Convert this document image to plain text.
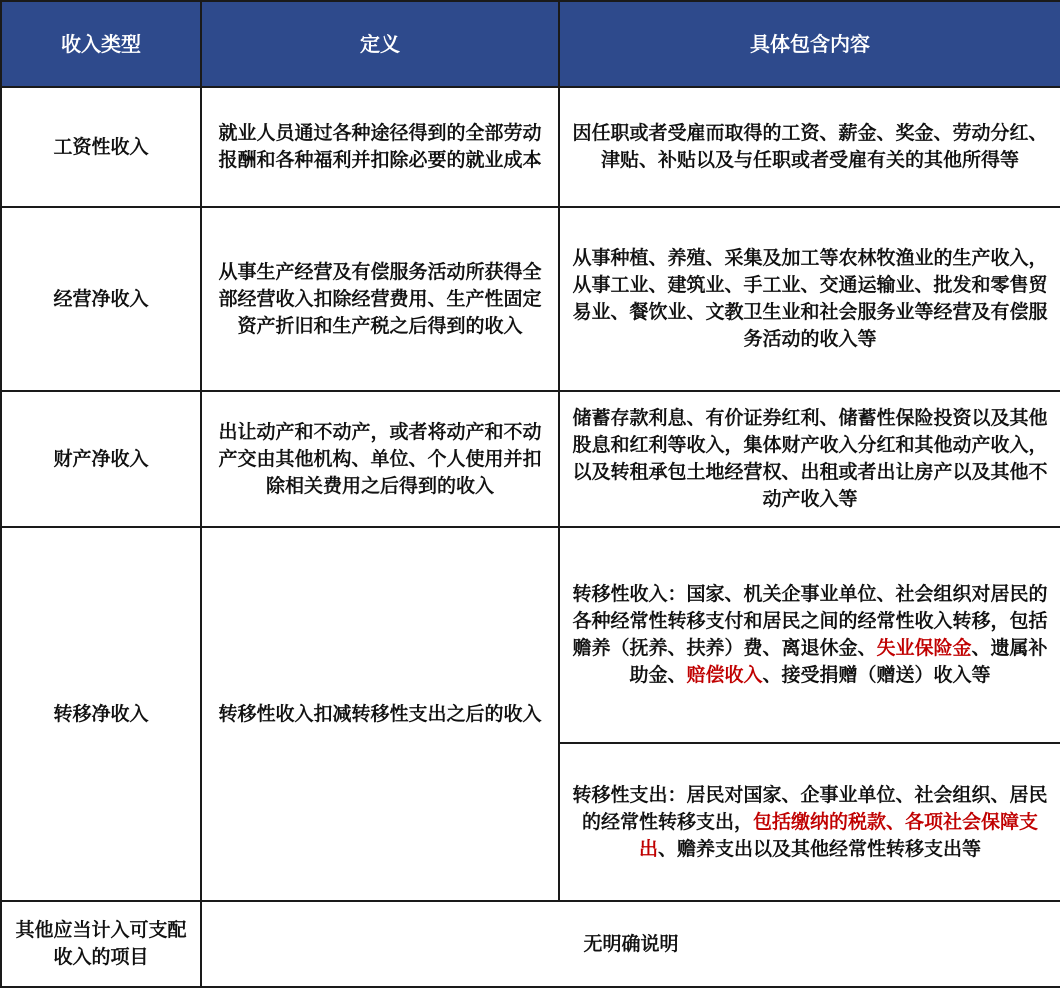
收入类型	定义	具体包含内容
工资性收入	就业人员通过各种途径得到的全部劳动报酬和各种福利并扣除必要的就业成本	因任职或者受雇而取得的工资、薪金、奖金、劳动分红、津贴、补贴以及与任职或者受雇有关的其他所得等
经营净收入	从事生产经营及有偿服务活动所获得全部经营收入扣除经营费用、生产性固定资产折旧和生产税之后得到的收入	从事种植、养殖、采集及加工等农林牧渔业的生产收入，从事工业、建筑业、手工业、交通运输业、批发和零售贸易业、餐饮业、文教卫生业和社会服务业等经营及有偿服务活动的收入等
财产净收入	出让动产和不动产，或者将动产和不动产交由其他机构、单位、个人使用并扣除相关费用之后得到的收入	储蓄存款利息、有价证券红利、储蓄性保险投资以及其他股息和红利等收入，集体财产收入分红和其他动产收入，以及转租承包土地经营权、出租或者出让房产以及其他不动产收入等
转移净收入	转移性收入扣减转移性支出之后的收入	转移性收入：国家、机关企事业单位、社会组织对居民的各种经常性转移支付和居民之间的经常性收入转移，包括赡养（抚养、扶养）费、离退休金、失业保险金、遗属补助金、赔偿收入、接受捐赠（赠送）收入等
		转移性支出：居民对国家、企事业单位、社会组织、居民的经常性转移支出，包括缴纳的税款、各项社会保障支出、赡养支出以及其他经常性转移支出等
其他应当计入可支配收入的项目	无明确说明	
